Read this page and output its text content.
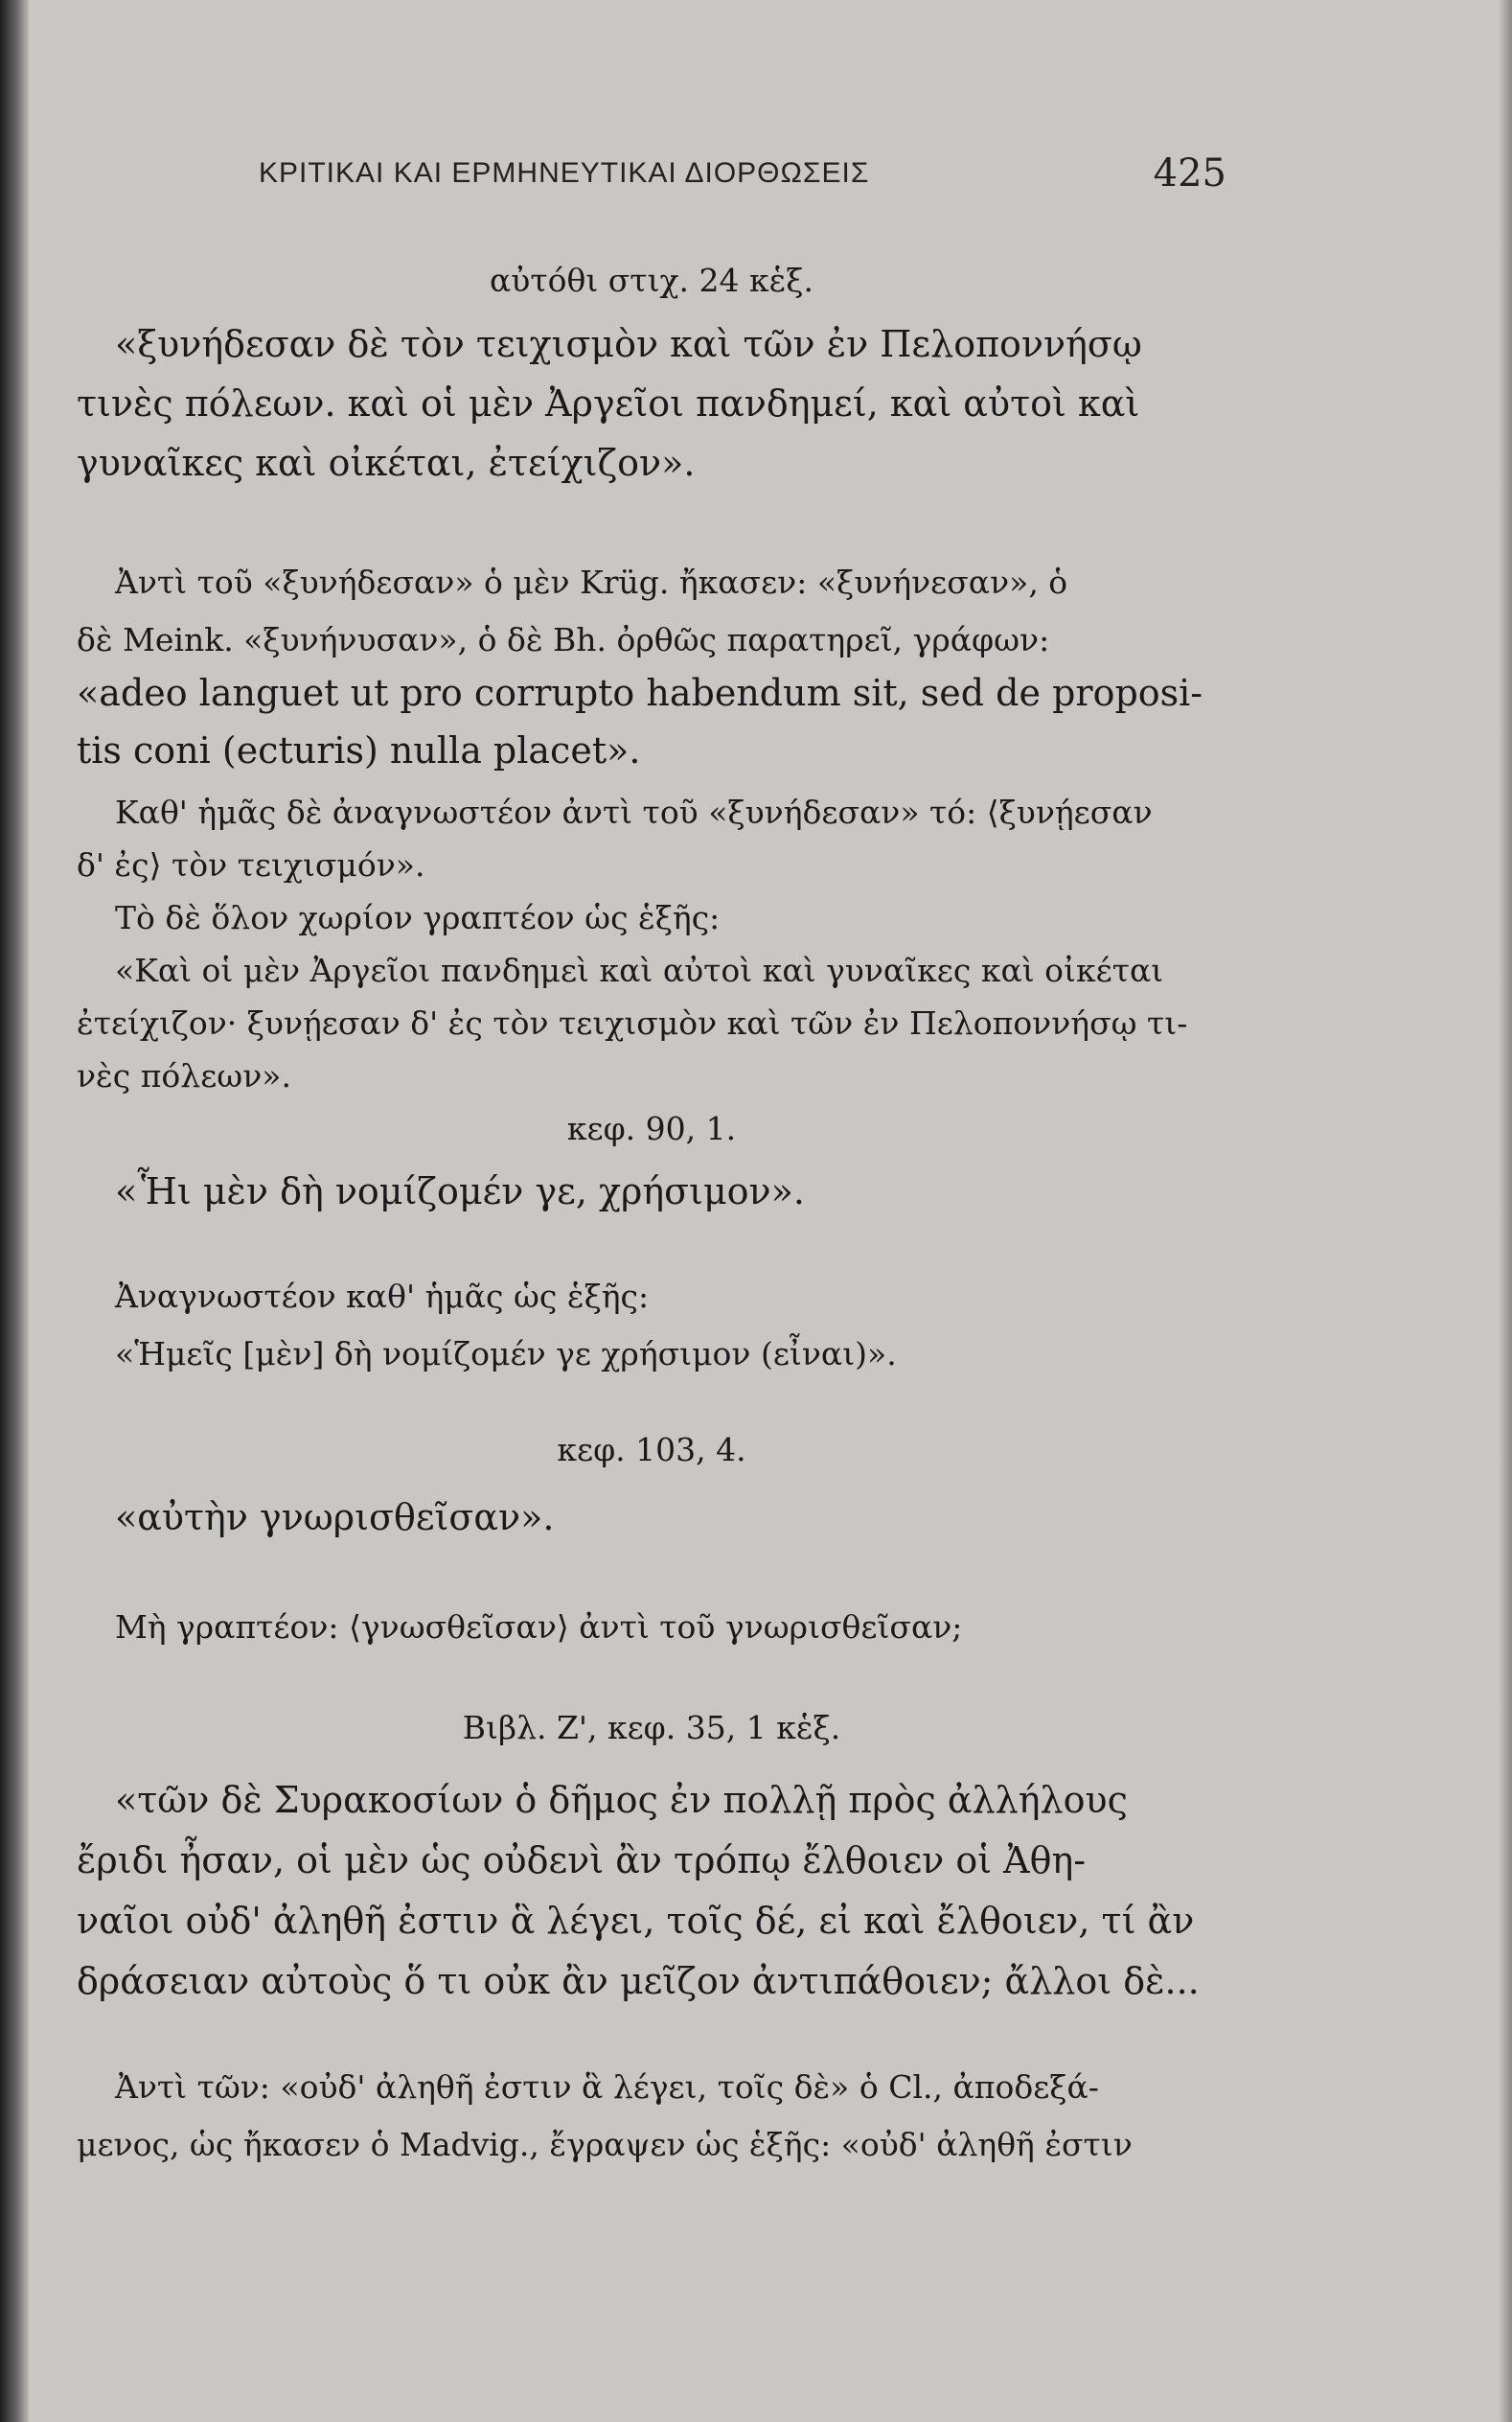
ΚΡΙΤΙΚΑΙ ΚΑΙ ΕΡΜΗΝΕΥΤΙΚΑΙ ΔΙΟΡΘΩΣΕΙΣ	425
αὐτόθι στιχ. 24 κἑξ.
«ξυνήδεσαν δὲ τὸν τειχισμὸν καὶ τῶν ἐν Πελοποννήσῳ
τινὲς πόλεων. καὶ οἱ μὲν Ἀργεῖοι πανδημεί, καὶ αὐτοὶ καὶ
γυναῖκες καὶ οἰκέται, ἐτείχιζον».
Ἀντὶ τοῦ «ξυνήδεσαν» ὁ μὲν Krüg. ἤκασεν: «ξυνήνεσαν», ὁ
δὲ Meink. «ξυνήνυσαν», ὁ δὲ Bh. ὀρθῶς παρατηρεῖ, γράφων:
«adeo languet ut pro corrupto habendum sit, sed de proposi-
tis coni (ecturis) nulla placet».
Καθ' ἡμᾶς δὲ ἀναγνωστέον ἀντὶ τοῦ «ξυνήδεσαν» τό: ⟨ξυνῄεσαν
δ' ἐς⟩ τὸν τειχισμόν».
Τὸ δὲ ὅλον χωρίον γραπτέον ὡς ἑξῆς:
«Καὶ οἱ μὲν Ἀργεῖοι πανδημεὶ καὶ αὐτοὶ καὶ γυναῖκες καὶ οἰκέται
ἐτείχιζον· ξυνῄεσαν δ' ἐς τὸν τειχισμὸν καὶ τῶν ἐν Πελοποννήσῳ τι-
νὲς πόλεων».
κεφ. 90, 1.
«Ἧι μὲν δὴ νομίζομέν γε, χρήσιμον».
Ἀναγνωστέον καθ' ἡμᾶς ὡς ἑξῆς:
«Ἡμεῖς [μὲν] δὴ νομίζομέν γε χρήσιμον (εἶναι)».
κεφ. 103, 4.
«αὐτὴν γνωρισθεῖσαν».
Μὴ γραπτέον: ⟨γνωσθεῖσαν⟩ ἀντὶ τοῦ γνωρισθεῖσαν;
Βιβλ. Ζ', κεφ. 35, 1 κἑξ.
«τῶν δὲ Συρακοσίων ὁ δῆμος ἐν πολλῇ πρὸς ἀλλήλους
ἔριδι ἦσαν, οἱ μὲν ὡς οὐδενὶ ἂν τρόπῳ ἔλθοιεν οἱ Ἀθη-
ναῖοι οὐδ' ἀληθῆ ἐστιν ἃ λέγει, τοῖς δέ, εἰ καὶ ἔλθοιεν, τί ἂν
δράσειαν αὐτοὺς ὅ τι οὐκ ἂν μεῖζον ἀντιπάθοιεν; ἄλλοι δὲ...
Ἀντὶ τῶν: «οὐδ' ἀληθῆ ἐστιν ἃ λέγει, τοῖς δὲ» ὁ Cl., ἀποδεξά-
μενος, ὡς ἤκασεν ὁ Madvig., ἔγραψεν ὡς ἑξῆς: «οὐδ' ἀληθῆ ἐστιν
